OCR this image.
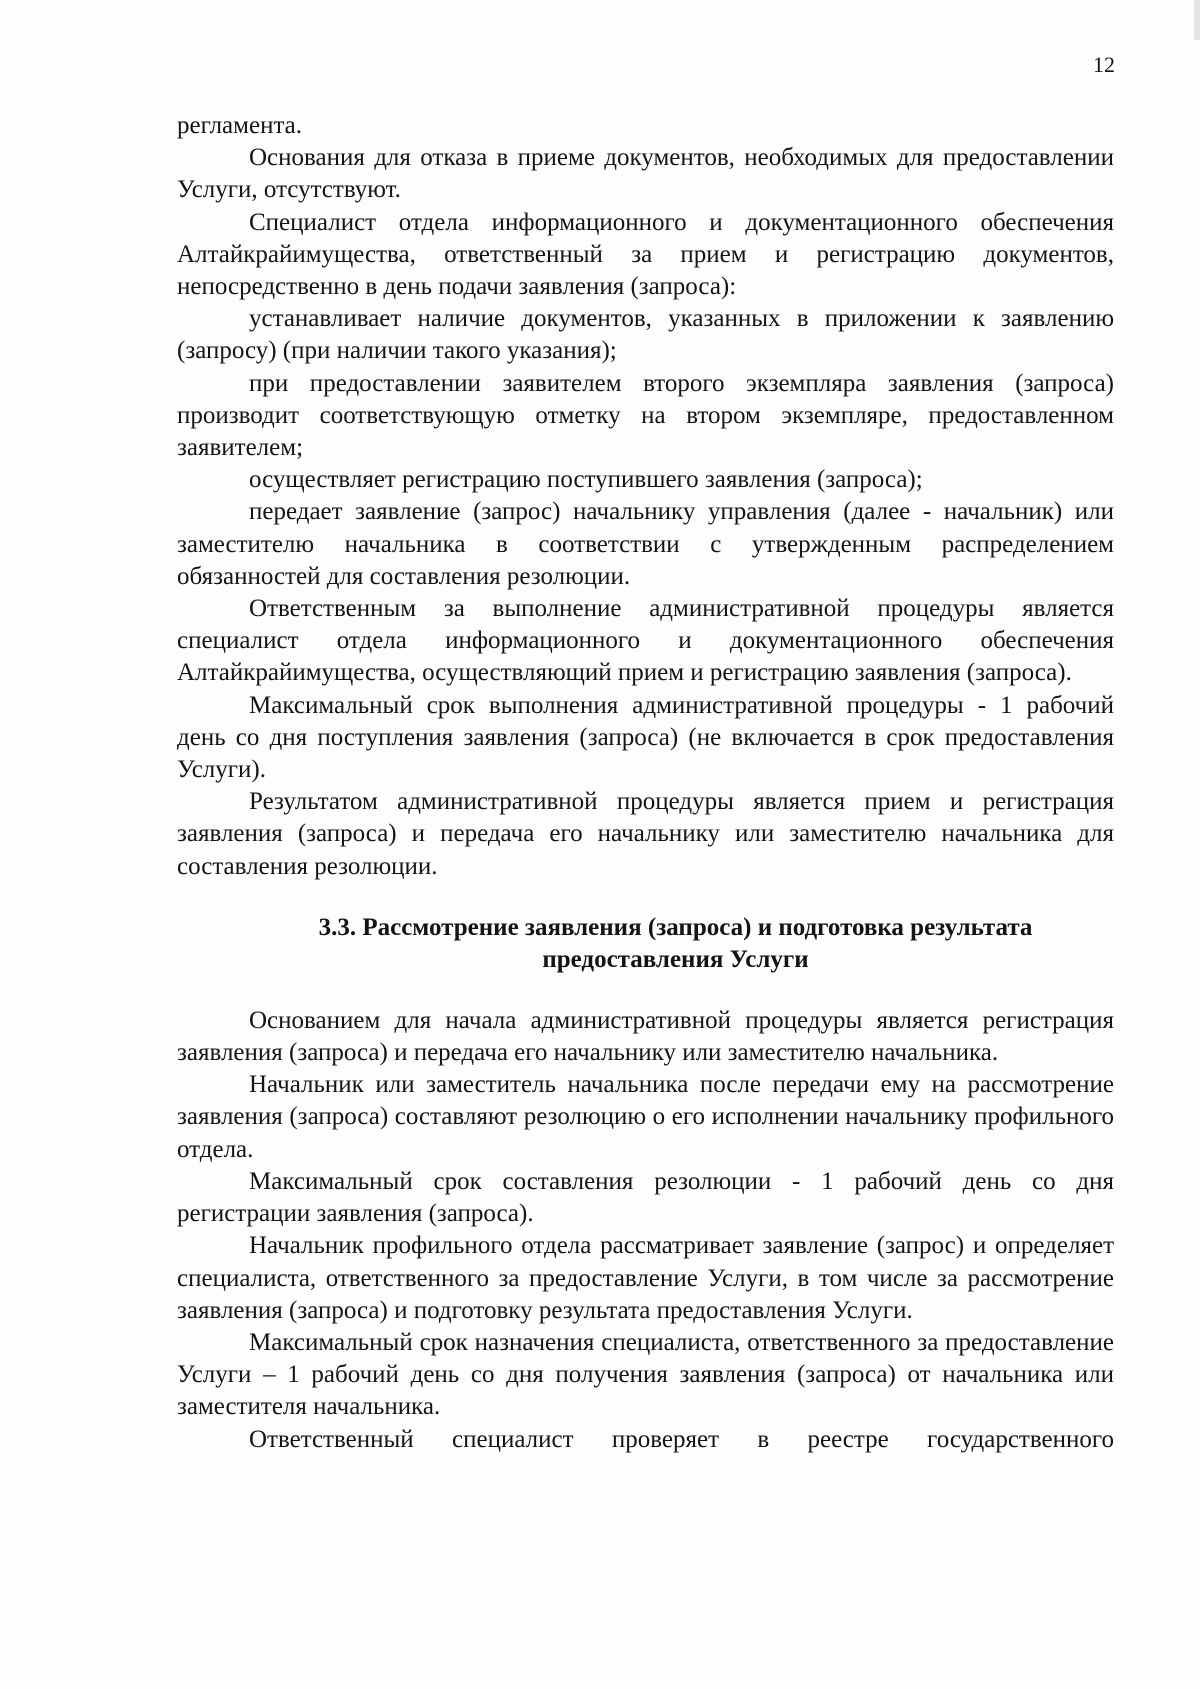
12
регламента.
Основания для отказа в приеме документов, необходимых для предоставлении Услуги, отсутствуют.
Специалист отдела информационного и документационного обеспечения Алтайкрайимущества, ответственный за прием и регистрацию документов, непосредственно в день подачи заявления (запроса):
устанавливает наличие документов, указанных в приложении к заявлению (запросу) (при наличии такого указания);
при предоставлении заявителем второго экземпляра заявления (запроса) производит соответствующую отметку на втором экземпляре, предоставленном заявителем;
осуществляет регистрацию поступившего заявления (запроса);
передает заявление (запрос) начальнику управления (далее - начальник) или заместителю начальника в соответствии с утвержденным распределением обязанностей для составления резолюции.
Ответственным за выполнение административной процедуры является специалист отдела информационного и документационного обеспечения Алтайкрайимущества, осуществляющий прием и регистрацию заявления (запроса).
Максимальный срок выполнения административной процедуры - 1 рабочий день со дня поступления заявления (запроса) (не включается в срок предоставления Услуги).
Результатом административной процедуры является прием и регистрация заявления (запроса) и передача его начальнику или заместителю начальника для составления резолюции.
3.3. Рассмотрение заявления (запроса) и подготовка результата
предоставления Услуги
Основанием для начала административной процедуры является регистрация заявления (запроса) и передача его начальнику или заместителю начальника.
Начальник или заместитель начальника после передачи ему на рассмотрение заявления (запроса) составляют резолюцию о его исполнении начальнику профильного отдела.
Максимальный срок составления резолюции - 1 рабочий день со дня регистрации заявления (запроса).
Начальник профильного отдела рассматривает заявление (запрос) и определяет специалиста, ответственного за предоставление Услуги, в том числе за рассмотрение заявления (запроса) и подготовку результата предоставления Услуги.
Максимальный срок назначения специалиста, ответственного за предоставление Услуги – 1 рабочий день со дня получения заявления (запроса) от начальника или заместителя начальника.
Ответственный специалист проверяет в реестре государственного
